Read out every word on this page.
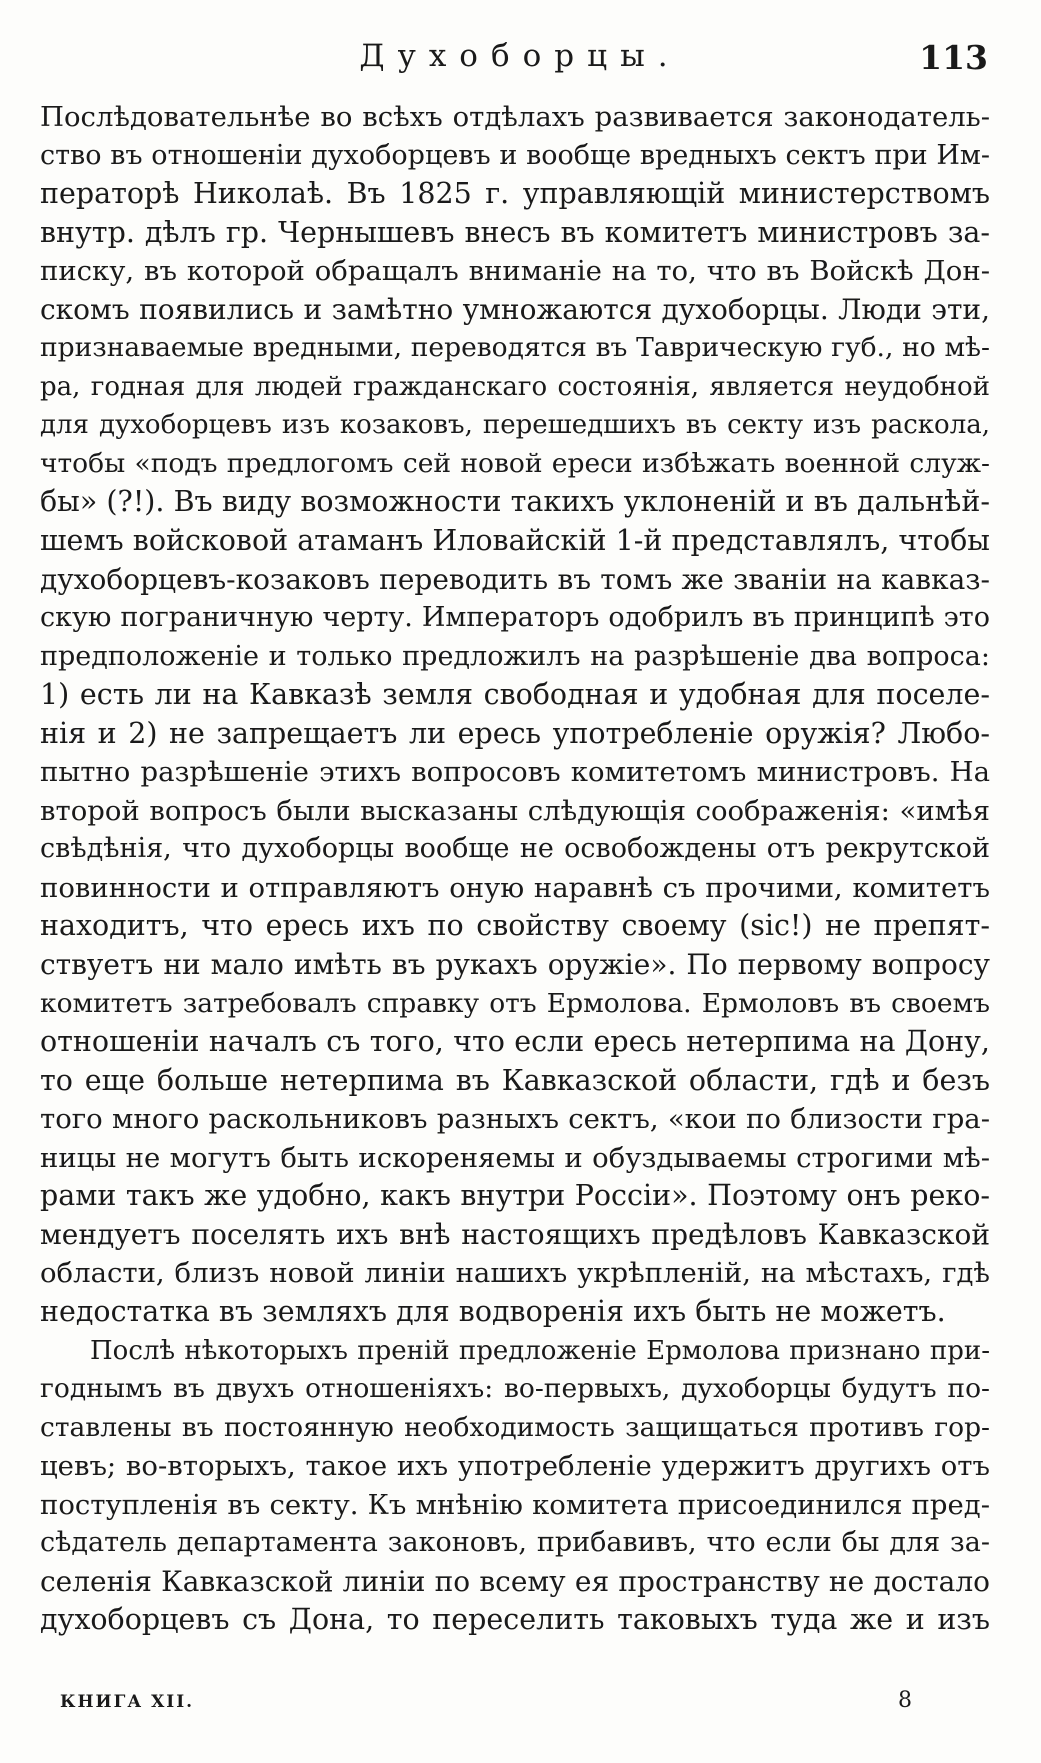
Духоборцы.	113
Послѣдовательнѣе во всѣхъ отдѣлахъ развивается законодатель-
ство въ отношеніи духоборцевъ и вообще вредныхъ сектъ при Им-
ператорѣ Николаѣ. Въ 1825 г. управляющій министерствомъ
внутр. дѣлъ гр. Чернышевъ внесъ въ комитетъ министровъ за-
писку, въ которой обращалъ вниманіе на то, что въ Войскѣ Дон-
скомъ появились и замѣтно умножаются духоборцы. Люди эти,
признаваемые вредными, переводятся въ Таврическую губ., но мѣ-
ра, годная для людей гражданскаго состоянія, является неудобной
для духоборцевъ изъ козаковъ, перешедшихъ въ секту изъ раскола,
чтобы «подъ предлогомъ сей новой ереси избѣжать военной служ-
бы» (?!). Въ виду возможности такихъ уклоненій и въ дальнѣй-
шемъ войсковой атаманъ Иловайскій 1-й представлялъ, чтобы
духоборцевъ-козаковъ переводить въ томъ же званіи на кавказ-
скую пограничную черту. Императоръ одобрилъ въ принципѣ это
предположеніе и только предложилъ на разрѣшеніе два вопроса:
1) есть ли на Кавказѣ земля свободная и удобная для поселе-
нія и 2) не запрещаетъ ли ересь употребленіе оружія? Любо-
пытно разрѣшеніе этихъ вопросовъ комитетомъ министровъ. На
второй вопросъ были высказаны слѣдующія соображенія: «имѣя
свѣдѣнія, что духоборцы вообще не освобождены отъ рекрутской
повинности и отправляютъ оную наравнѣ съ прочими, комитетъ
находитъ, что ересь ихъ по свойству своему (sic!) не препят-
ствуетъ ни мало имѣть въ рукахъ оружіе». По первому вопросу
комитетъ затребовалъ справку отъ Ермолова. Ермоловъ въ своемъ
отношеніи началъ съ того, что если ересь нетерпима на Дону,
то еще больше нетерпима въ Кавказской области, гдѣ и безъ
того много раскольниковъ разныхъ сектъ, «кои по близости гра-
ницы не могутъ быть искореняемы и обуздываемы строгими мѣ-
рами такъ же удобно, какъ внутри Россіи». Поэтому онъ реко-
мендуетъ поселять ихъ внѣ настоящихъ предѣловъ Кавказской
области, близъ новой линіи нашихъ укрѣпленій, на мѣстахъ, гдѣ
недостатка въ земляхъ для водворенія ихъ быть не можетъ.
Послѣ нѣкоторыхъ преній предложеніе Ермолова признано при-
годнымъ въ двухъ отношеніяхъ: во-первыхъ, духоборцы будутъ по-
ставлены въ постоянную необходимость защищаться противъ гор-
цевъ; во-вторыхъ, такое ихъ употребленіе удержитъ другихъ отъ
поступленія въ секту. Къ мнѣнію комитета присоединился пред-
сѣдатель департамента законовъ, прибавивъ, что если бы для за-
селенія Кавказской линіи по всему ея пространству не достало
духоборцевъ съ Дона, то переселить таковыхъ туда же и изъ
КНИГА XII.	8
